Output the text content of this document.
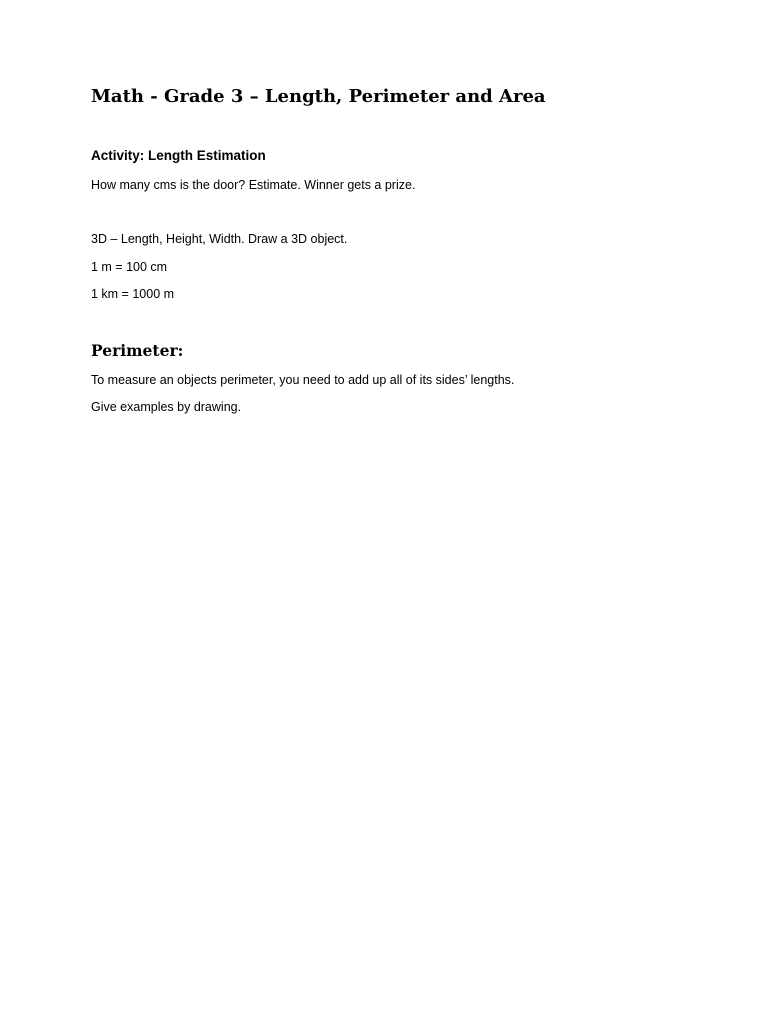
Math - Grade 3 – Length, Perimeter and Area
Activity: Length Estimation

How many cms is the door? Estimate. Winner gets a prize.

3D – Length, Height, Width. Draw a 3D object.

1 m = 100 cm

1 km = 1000 m

Perimeter:

To measure an objects perimeter, you need to add up all of its sides’ lengths.

Give examples by drawing.
